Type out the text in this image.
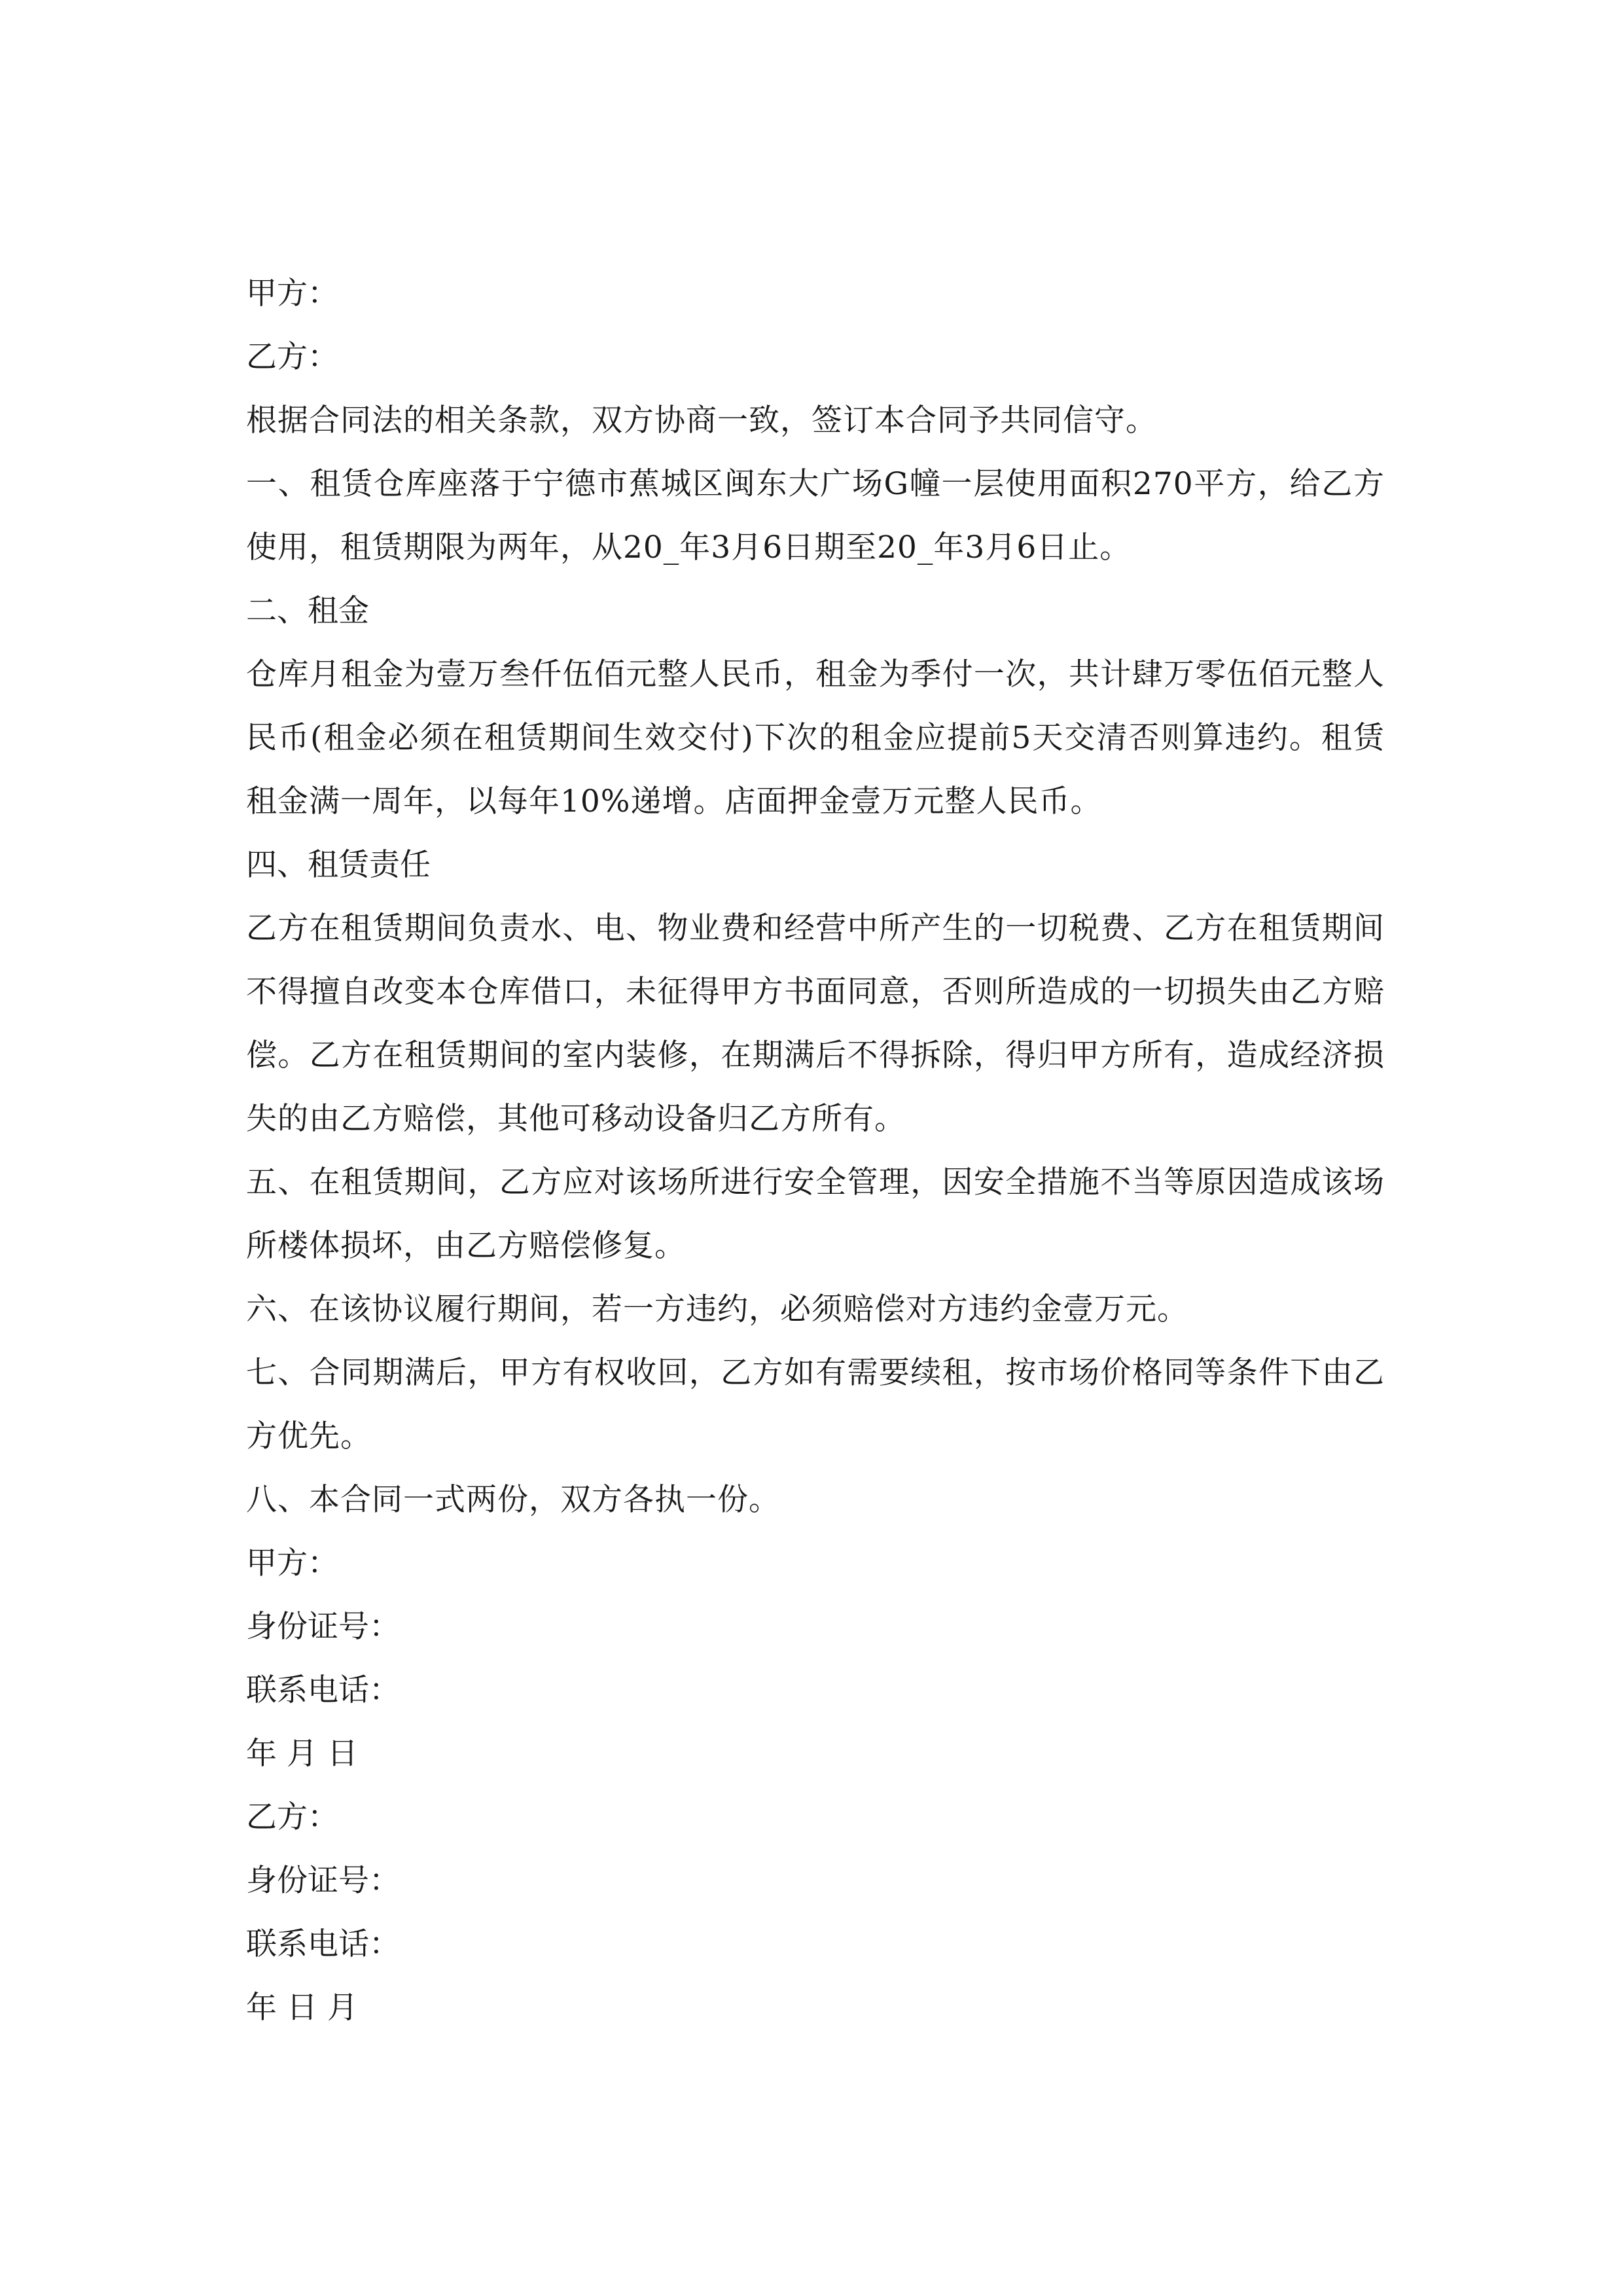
甲方：

乙方：

根据合同法的相关条款，双方协商一致，签订本合同予共同信守。

一、租赁仓库座落于宁德市蕉城区闽东大广场G幢一层使用面积270平方，给乙方使用，租赁期限为两年，从20_年3月6日期至20_年3月6日止。

二、租金

仓库月租金为壹万叁仟伍佰元整人民币，租金为季付一次，共计肆万零伍佰元整人民币(租金必须在租赁期间生效交付)下次的租金应提前5天交清否则算违约。租赁租金满一周年，以每年10%递增。店面押金壹万元整人民币。

四、租赁责任

乙方在租赁期间负责水、电、物业费和经营中所产生的一切税费、乙方在租赁期间不得擅自改变本仓库借口，未征得甲方书面同意，否则所造成的一切损失由乙方赔偿。乙方在租赁期间的室内装修，在期满后不得拆除，得归甲方所有，造成经济损失的由乙方赔偿，其他可移动设备归乙方所有。

五、在租赁期间，乙方应对该场所进行安全管理，因安全措施不当等原因造成该场所楼体损坏，由乙方赔偿修复。

六、在该协议履行期间，若一方违约，必须赔偿对方违约金壹万元。

七、合同期满后，甲方有权收回，乙方如有需要续租，按市场价格同等条件下由乙方优先。

八、本合同一式两份，双方各执一份。

甲方：

身份证号：

联系电话：

年 月 日

乙方：

身份证号：

联系电话：

年 日 月
